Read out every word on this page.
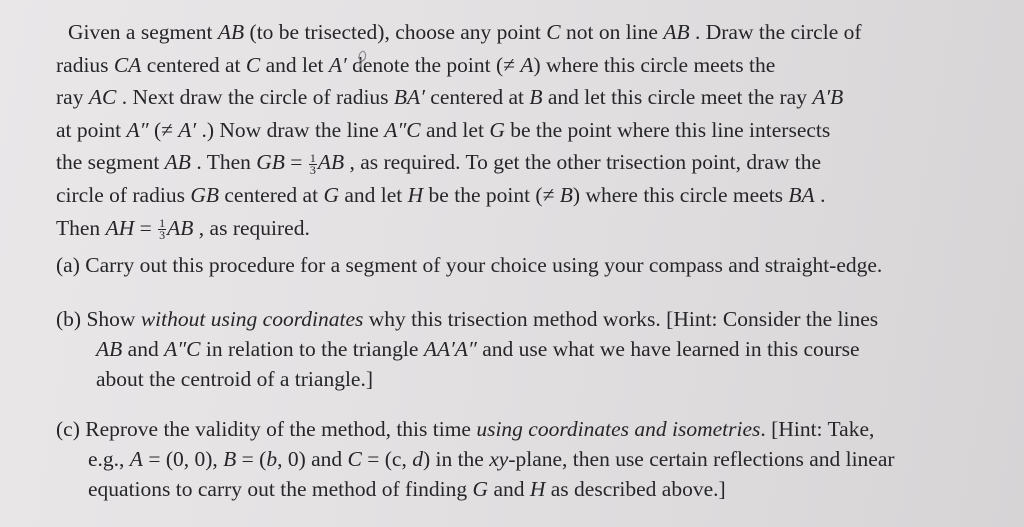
Given a segment AB (to be trisected), choose any point C not on line AB . Draw the circle of
radius CA centered at C and let A′ denote the point (≠ A) where this circle meets the
ray AC . Next draw the circle of radius BA′ centered at B and let this circle meet the ray A′B
at point A″ (≠ A′ .) Now draw the line A″C and let G be the point where this line intersects
the segment AB . Then GB = $\frac{1}{3}$ AB , as required. To get the other trisection point, draw the
circle of radius GB centered at G and let H be the point (≠ B) where this circle meets BA .
Then AH = $\frac{1}{3}$ AB , as required.
(a) Carry out this procedure for a segment of your choice using your compass and straight-edge.
(b) Show without using coordinates why this trisection method works. [Hint: Consider the lines
AB and A″C in relation to the triangle AA′A″ and use what we have learned in this course
about the centroid of a triangle.]
(c) Reprove the validity of the method, this time using coordinates and isometries. [Hint: Take,
e.g., A = (0, 0), B = (b, 0) and C = (c, d) in the xy-plane, then use certain reflections and linear
equations to carry out the method of finding G and H as described above.]
